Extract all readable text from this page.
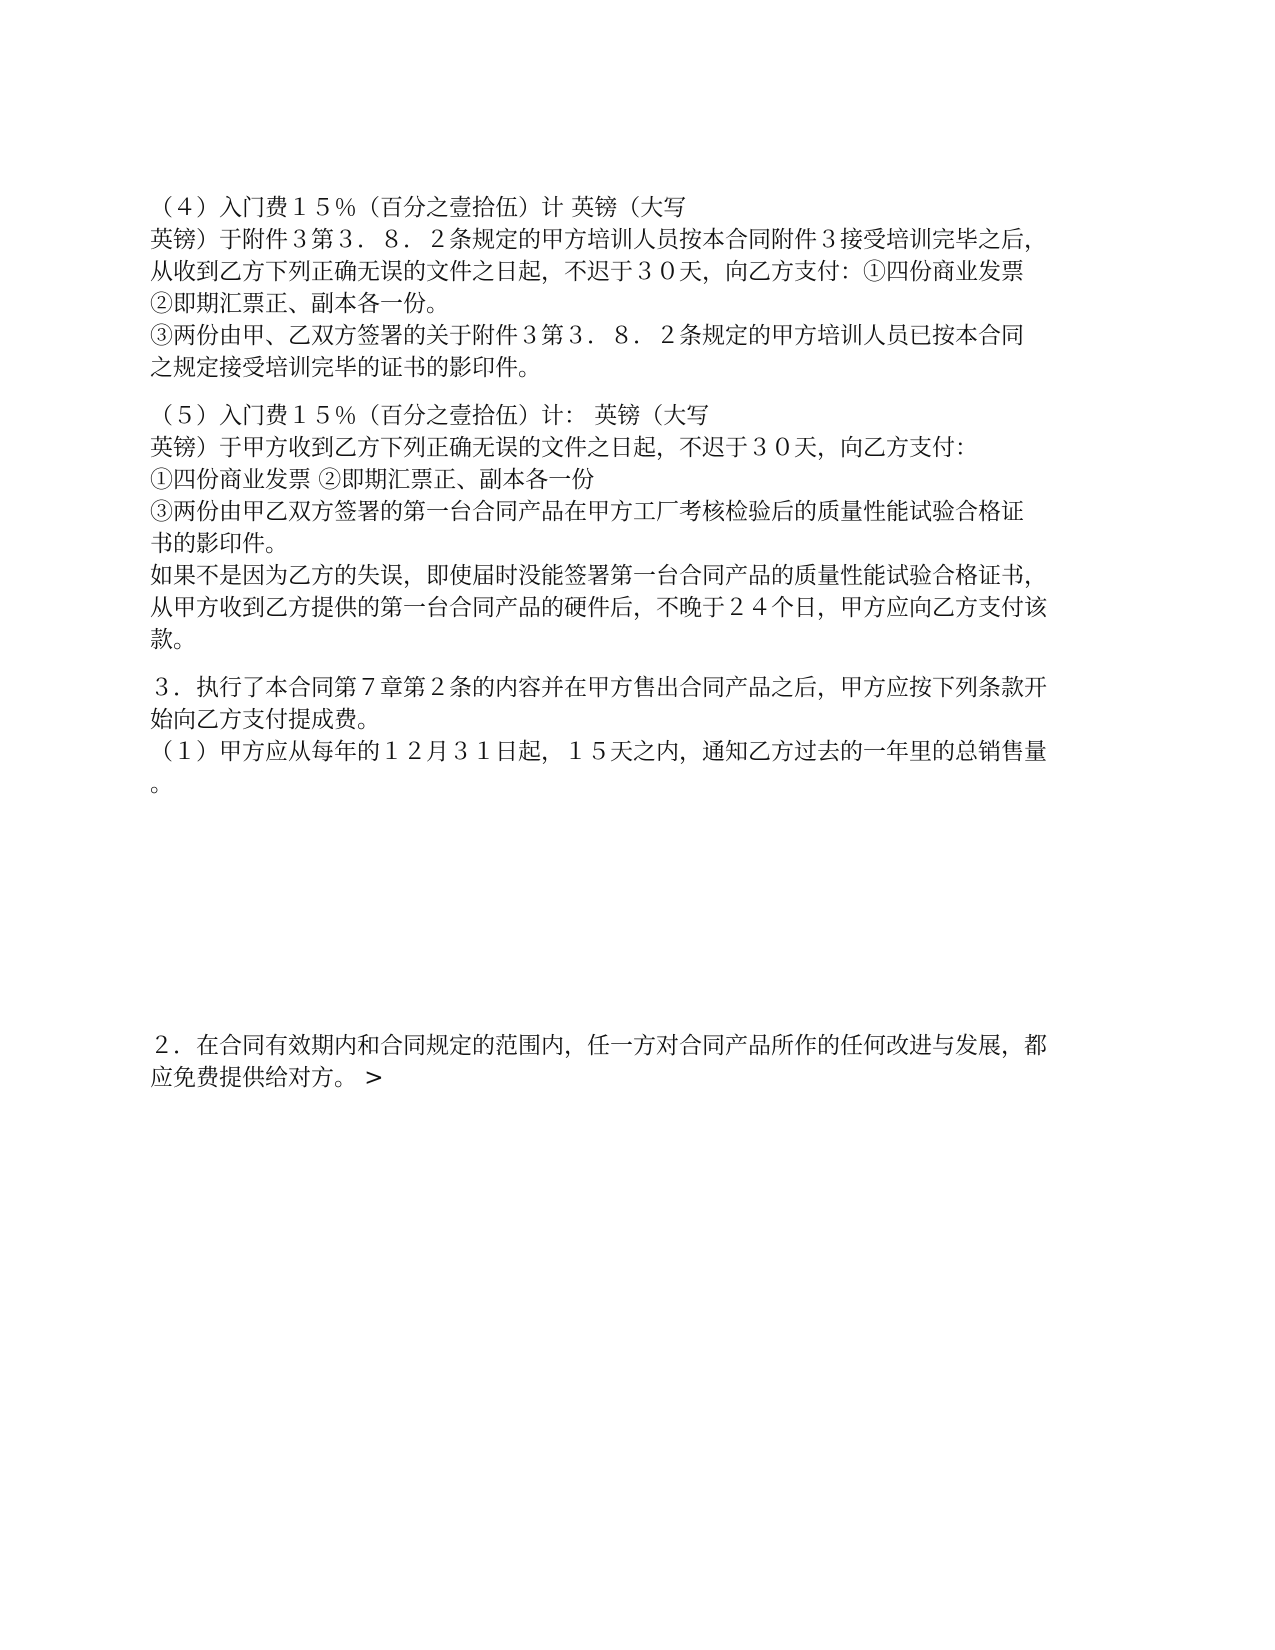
（４）入门费１５％（百分之壹拾伍）计 英镑（大写
英镑）于附件３第３．８．２条规定的甲方培训人员按本合同附件３接受培训完毕之后，
从收到乙方下列正确无误的文件之日起，不迟于３０天，向乙方支付：①四份商业发票
②即期汇票正、副本各一份。
③两份由甲、乙双方签署的关于附件３第３．８．２条规定的甲方培训人员已按本合同
之规定接受培训完毕的证书的影印件。

（５）入门费１５％（百分之壹拾伍）计： 英镑（大写
英镑）于甲方收到乙方下列正确无误的文件之日起，不迟于３０天，向乙方支付：
①四份商业发票 ②即期汇票正、副本各一份
③两份由甲乙双方签署的第一台合同产品在甲方工厂考核检验后的质量性能试验合格证
书的影印件。
如果不是因为乙方的失误，即使届时没能签署第一台合同产品的质量性能试验合格证书，
从甲方收到乙方提供的第一台合同产品的硬件后，不晚于２４个日，甲方应向乙方支付该
款。

３．执行了本合同第７章第２条的内容并在甲方售出合同产品之后，甲方应按下列条款开
始向乙方支付提成费。
（１）甲方应从每年的１２月３１日起，１５天之内，通知乙方过去的一年里的总销售量
。

２．在合同有效期内和合同规定的范围内，任一方对合同产品所作的任何改进与发展，都
应免费提供给对方。 >
